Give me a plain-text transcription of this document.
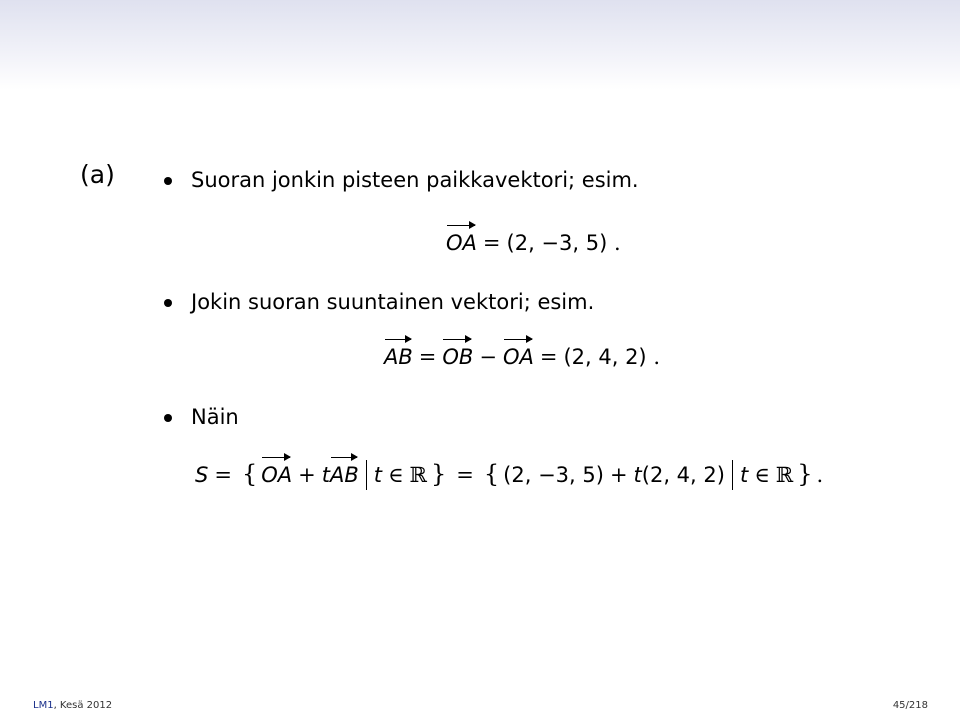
(a)	Suoran jonkin pisteen paikkavektori; esim.
OA = (2, −3, 5) .
Jokin suoran suuntainen vektori; esim.
AB = OB − OA = (2, 4, 2) .
Näin
S = { OA + tAB t ∈ ℝ } = { (2, −3, 5) + t(2, 4, 2) t ∈ ℝ } .
LM1, Kesä 2012	45/218
